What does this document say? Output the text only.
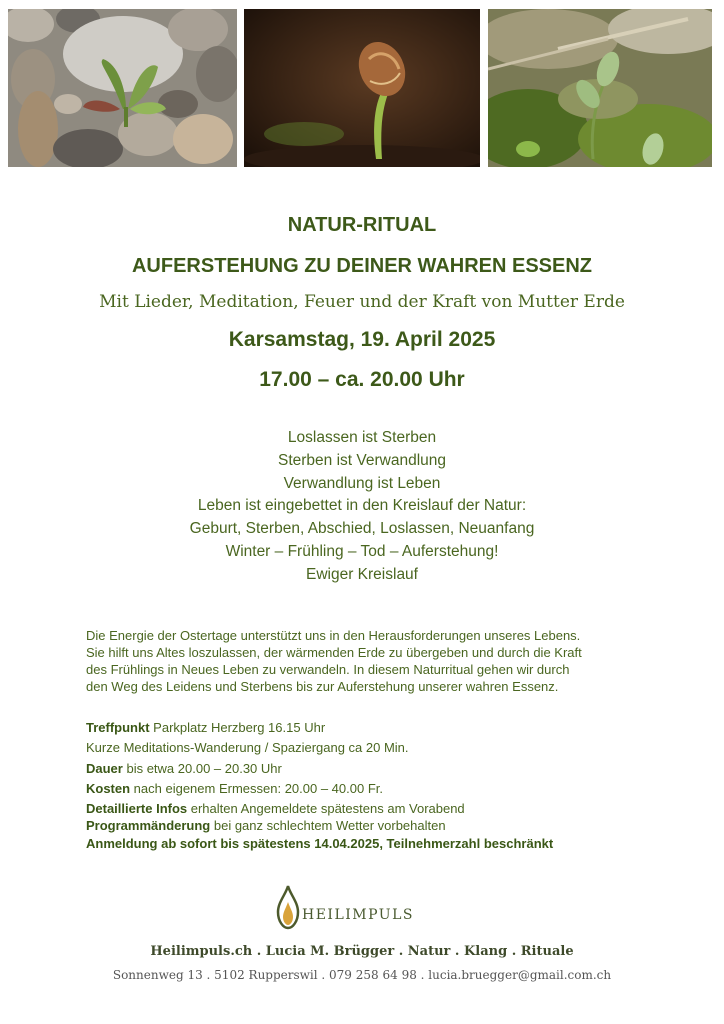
NATUR-RITUAL
AUFERSTEHUNG ZU DEINER WAHREN ESSENZ
Mit Lieder, Meditation, Feuer und der Kraft von Mutter Erde
Karsamstag, 19. April 2025
17.00 – ca. 20.00 Uhr
Loslassen ist Sterben
Sterben ist Verwandlung
Verwandlung ist Leben
Leben ist eingebettet in den Kreislauf der Natur:
Geburt, Sterben, Abschied, Loslassen, Neuanfang
Winter – Frühling – Tod – Auferstehung!
Ewiger Kreislauf
Die Energie der Ostertage unterstützt uns in den Herausforderungen unseres Lebens.
Sie hilft uns Altes loszulassen, der wärmenden Erde zu übergeben und durch die Kraft
des Frühlings in Neues Leben zu verwandeln. In diesem Naturritual gehen wir durch
den Weg des Leidens und Sterbens bis zur Auferstehung unserer wahren Essenz.
Treffpunkt Parkplatz Herzberg 16.15 Uhr
Kurze Meditations-Wanderung / Spaziergang ca 20 Min.
Dauer bis etwa 20.00 – 20.30 Uhr
Kosten nach eigenem Ermessen: 20.00 – 40.00 Fr.
Detaillierte Infos erhalten Angemeldete spätestens am Vorabend
Programmänderung bei ganz schlechtem Wetter vorbehalten
Anmeldung ab sofort bis spätestens 14.04.2025, Teilnehmerzahl beschränkt
HEILIMPULS
Heilimpuls.ch . Lucia M. Brügger . Natur . Klang . Rituale
Sonnenweg 13 . 5102 Rupperswil . 079 258 64 98 . lucia.bruegger@gmail.com.ch
